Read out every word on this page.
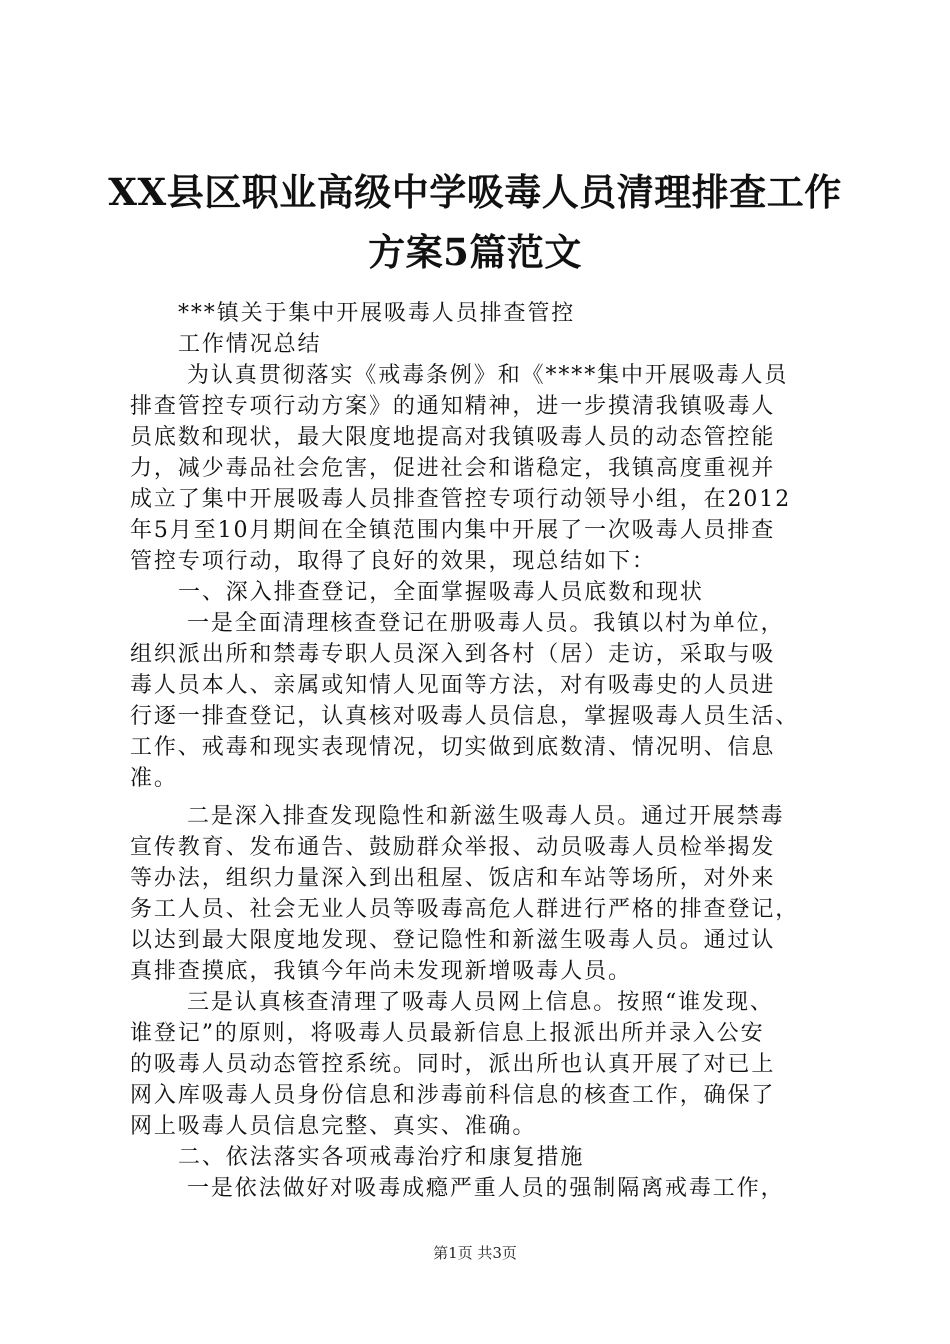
XX县区职业高级中学吸毒人员清理排查工作
方案5篇范文
***镇关于集中开展吸毒人员排查管控
工作情况总结
为认真贯彻落实《戒毒条例》和《****集中开展吸毒人员
排查管控专项行动方案》的通知精神，进一步摸清我镇吸毒人
员底数和现状，最大限度地提高对我镇吸毒人员的动态管控能
力，减少毒品社会危害，促进社会和谐稳定，我镇高度重视并
成立了集中开展吸毒人员排查管控专项行动领导小组，在2012
年5月至10月期间在全镇范围内集中开展了一次吸毒人员排查
管控专项行动，取得了良好的效果，现总结如下：
一、深入排查登记，全面掌握吸毒人员底数和现状
一是全面清理核查登记在册吸毒人员。我镇以村为单位，
组织派出所和禁毒专职人员深入到各村（居）走访，采取与吸
毒人员本人、亲属或知情人见面等方法，对有吸毒史的人员进
行逐一排查登记，认真核对吸毒人员信息，掌握吸毒人员生活、
工作、戒毒和现实表现情况，切实做到底数清、情况明、信息
准。
二是深入排查发现隐性和新滋生吸毒人员。通过开展禁毒
宣传教育、发布通告、鼓励群众举报、动员吸毒人员检举揭发
等办法，组织力量深入到出租屋、饭店和车站等场所，对外来
务工人员、社会无业人员等吸毒高危人群进行严格的排查登记，
以达到最大限度地发现、登记隐性和新滋生吸毒人员。通过认
真排查摸底，我镇今年尚未发现新增吸毒人员。
三是认真核查清理了吸毒人员网上信息。按照“谁发现、
谁登记”的原则，将吸毒人员最新信息上报派出所并录入公安
的吸毒人员动态管控系统。同时，派出所也认真开展了对已上
网入库吸毒人员身份信息和涉毒前科信息的核查工作，确保了
网上吸毒人员信息完整、真实、准确。
二、依法落实各项戒毒治疗和康复措施
一是依法做好对吸毒成瘾严重人员的强制隔离戒毒工作，
第1页 共3页
